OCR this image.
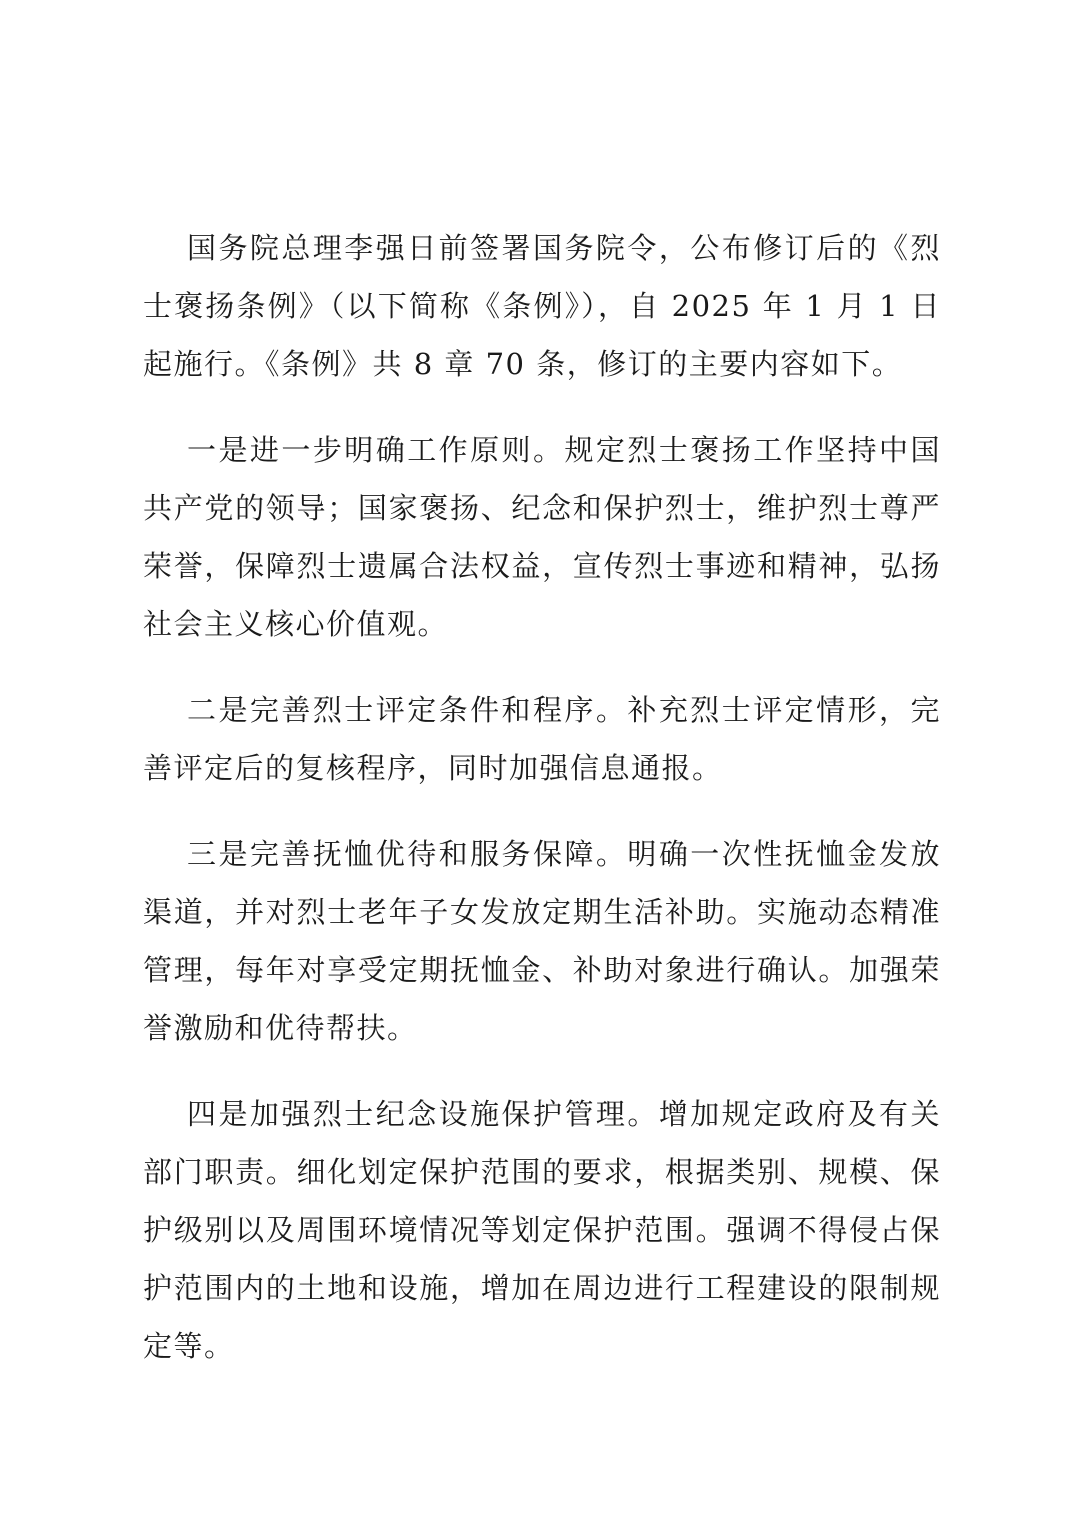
国务院总理李强日前签署国务院令，公布修订后的《烈士褒扬条例》（以下简称《条例》），自 2025 年 1 月 1 日起施行。《条例》共 8 章 70 条，修订的主要内容如下。

一是进一步明确工作原则。规定烈士褒扬工作坚持中国共产党的领导；国家褒扬、纪念和保护烈士，维护烈士尊严荣誉，保障烈士遗属合法权益，宣传烈士事迹和精神，弘扬社会主义核心价值观。

二是完善烈士评定条件和程序。补充烈士评定情形，完善评定后的复核程序，同时加强信息通报。

三是完善抚恤优待和服务保障。明确一次性抚恤金发放渠道，并对烈士老年子女发放定期生活补助。实施动态精准管理，每年对享受定期抚恤金、补助对象进行确认。加强荣誉激励和优待帮扶。

四是加强烈士纪念设施保护管理。增加规定政府及有关部门职责。细化划定保护范围的要求，根据类别、规模、保护级别以及周围环境情况等划定保护范围。强调不得侵占保护范围内的土地和设施，增加在周边进行工程建设的限制规定等。
